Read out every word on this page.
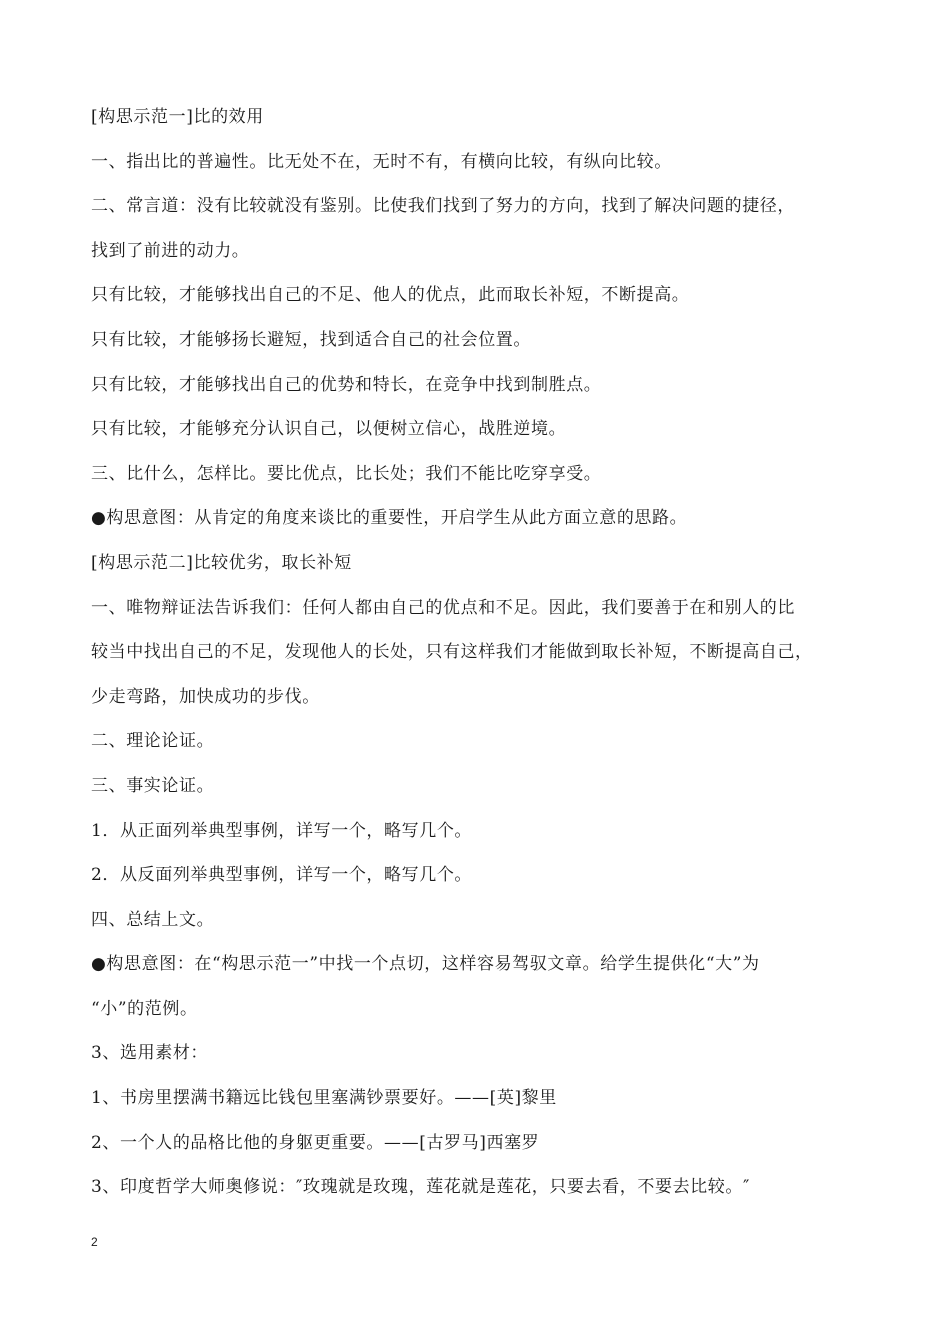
[构思示范一]比的效用
一、指出比的普遍性。比无处不在，无时不有，有横向比较，有纵向比较。
二、常言道：没有比较就没有鉴别。比使我们找到了努力的方向，找到了解决问题的捷径，
找到了前进的动力。
只有比较，才能够找出自己的不足、他人的优点，此而取长补短，不断提高。
只有比较，才能够扬长避短，找到适合自己的社会位置。
只有比较，才能够找出自己的优势和特长，在竞争中找到制胜点。
只有比较，才能够充分认识自己，以便树立信心，战胜逆境。
三、比什么，怎样比。要比优点，比长处；我们不能比吃穿享受。
●构思意图：从肯定的角度来谈比的重要性，开启学生从此方面立意的思路。
[构思示范二]比较优劣，取长补短
一、唯物辩证法告诉我们：任何人都由自己的优点和不足。因此，我们要善于在和别人的比
较当中找出自己的不足，发现他人的长处，只有这样我们才能做到取长补短，不断提高自己，
少走弯路，加快成功的步伐。
二、理论论证。
三、事实论证。
1．从正面列举典型事例，详写一个，略写几个。
2．从反面列举典型事例，详写一个，略写几个。
四、总结上文。
●构思意图：在“构思示范一”中找一个点切，这样容易驾驭文章。给学生提供化“大”为
“小”的范例。
3、选用素材：
1、书房里摆满书籍远比钱包里塞满钞票要好。——[英]黎里
2、一个人的品格比他的身躯更重要。——[古罗马]西塞罗
3、印度哲学大师奥修说：″玫瑰就是玫瑰，莲花就是莲花，只要去看，不要去比较。″
2
